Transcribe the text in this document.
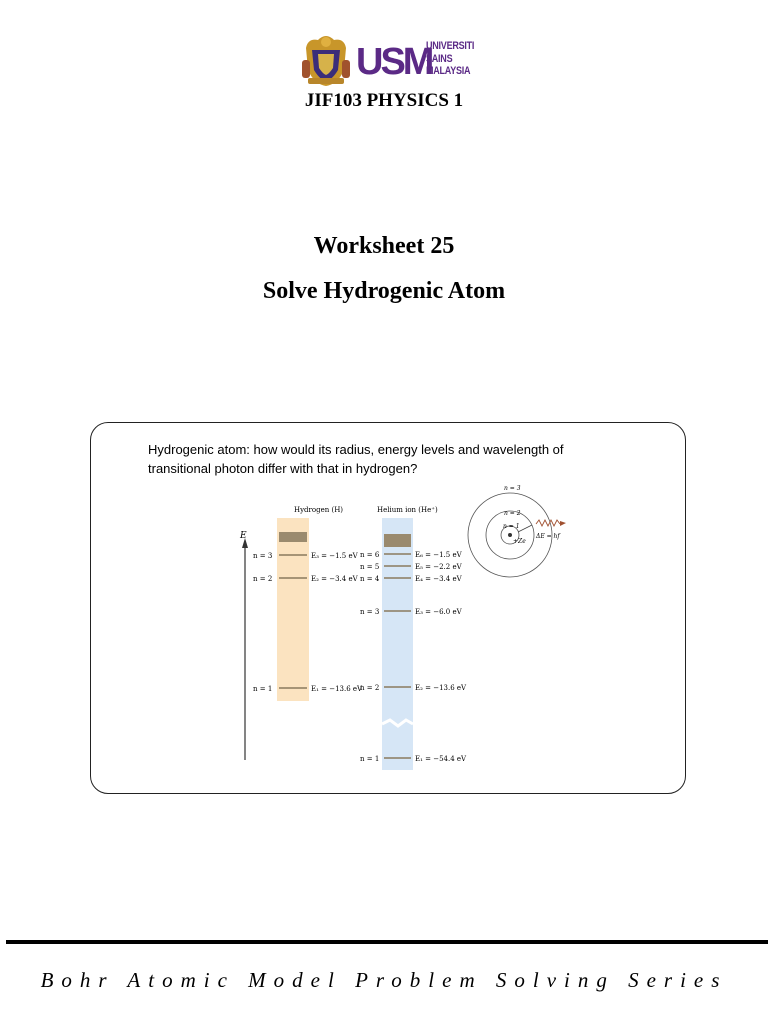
USM
UNIVERSITI
SAINS
MALAYSIA
JIF103 PHYSICS 1
Worksheet 25
Solve Hydrogenic Atom
Hydrogenic atom: how would its radius, energy levels and wavelength of transitional photon differ with that in hydrogen?
E
Hydrogen (H)
n = 3
n = 2
n = 1
E₃ = −1.5 eV
E₂ = −3.4 eV
E₁ = −13.6 eV
Helium ion (He⁺)
n = 6
n = 5
n = 4
n = 3
n = 2
n = 1
E₆ = −1.5 eV
E₅ = −2.2 eV
E₄ = −3.4 eV
E₃ = −6.0 eV
E₂ = −13.6 eV
E₁ = −54.4 eV
n = 3
n = 2
n = 1
+Ze
ΔE = hf
Bohr Atomic Model Problem Solving Series
